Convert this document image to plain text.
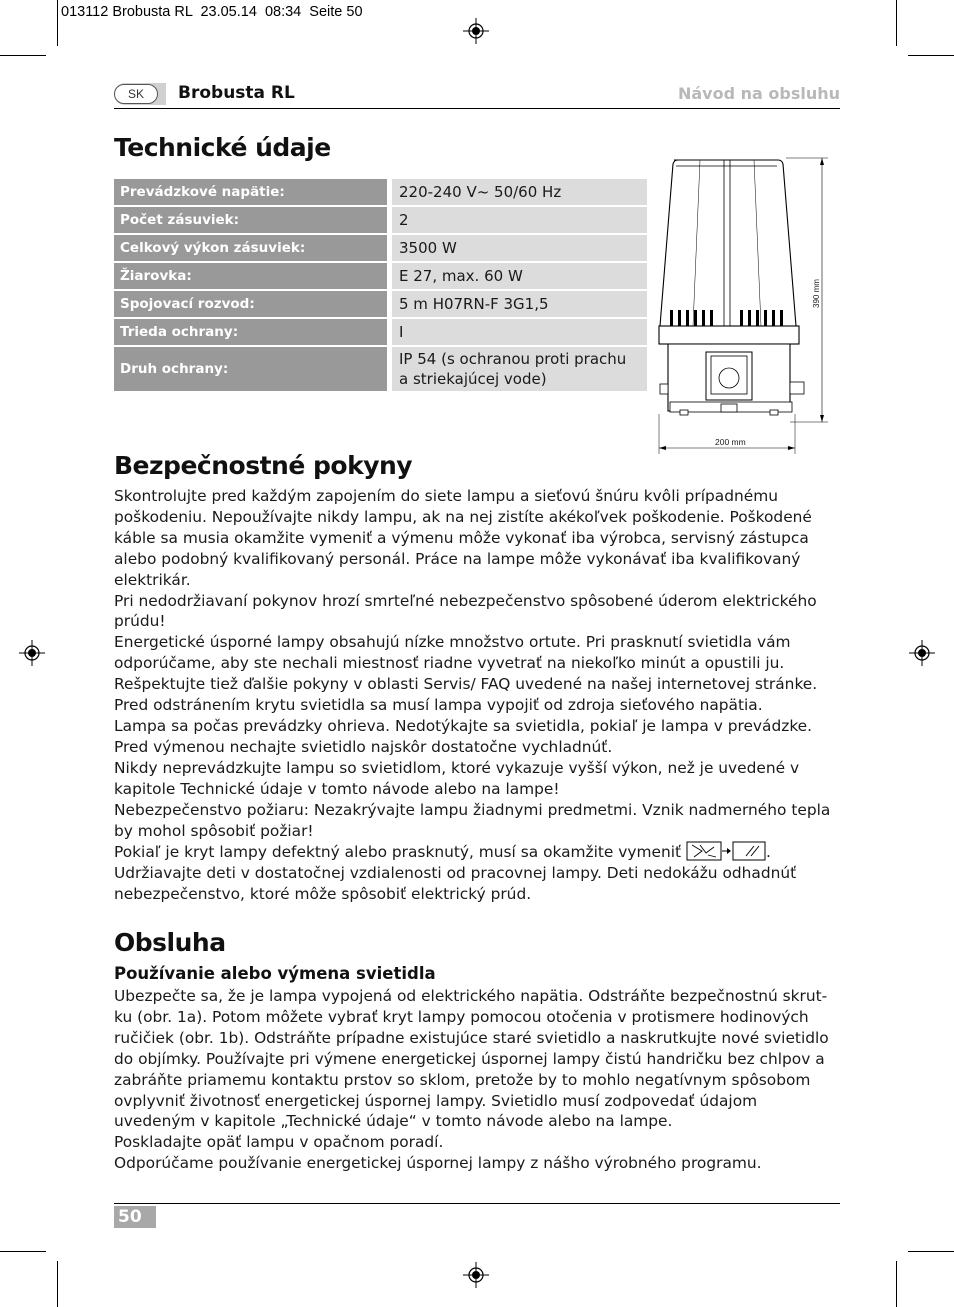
013112 Brobusta RL  23.05.14  08:34  Seite 50
SK	Brobusta RL	Návod na obsluhu
Technické údaje
Prevádzkové napätie:	220-240 V~ 50/60 Hz
Počet zásuviek:	2
Celkový výkon zásuviek:	3500 W
Žiarovka:	E 27, max. 60 W
Spojovací rozvod:	5 m H07RN-F 3G1,5
Trieda ochrany:	I
Druh ochrany:	IP 54 (s ochranou proti prachu a striekajúcej vode)
390 mm
200 mm
Bezpečnostné pokyny

Skontrolujte pred každým zapojením do siete lampu a sieťovú šnúru kvôli prípadnému poškodeniu. Nepoužívajte nikdy lampu, ak na nej zistíte akékoľvek poškodenie. Poškodené káble sa musia okamžite vymeniť a výmenu môže vykonať iba výrobca, servisný zástupca alebo podobný kvalifikovaný personál. Práce na lampe môže vykonávať iba kvalifikovaný elektrikár.

Pri nedodržiavaní pokynov hrozí smrteľné nebezpečenstvo spôsobené úderom elektrického prúdu!

Energetické úsporné lampy obsahujú nízke množstvo ortute. Pri prasknutí svietidla vám odporúčame, aby ste nechali miestnosť riadne vyvetrať na niekoľko minút a opustili ju.

Rešpektujte tiež ďalšie pokyny v oblasti Servis/ FAQ uvedené na našej internetovej stránke.

Pred odstránením krytu svietidla sa musí lampa vypojiť od zdroja sieťového napätia.

Lampa sa počas prevádzky ohrieva. Nedotýkajte sa svietidla, pokiaľ je lampa v prevádzke.

Pred výmenou nechajte svietidlo najskôr dostatočne vychladnúť.

Nikdy neprevádzkujte lampu so svietidlom, ktoré vykazuje vyšší výkon, než je uvedené v kapitole Technické údaje v tomto návode alebo na lampe!

Nebezpečenstvo požiaru: Nezakrývajte lampu žiadnymi predmetmi. Vznik nadmerného tepla by mohol spôsobiť požiar!

Pokiaľ je kryt lampy defektný alebo prasknutý, musí sa okamžite vymeniť	.

Udržiavajte deti v dostatočnej vzdialenosti od pracovnej lampy. Deti nedokážu odhadnúť nebezpečenstvo, ktoré môže spôsobiť elektrický prúd.

Obsluha
Používanie alebo výmena svietidla

Ubezpečte sa, že je lampa vypojená od elektrického napätia. Odstráňte bezpečnostnú skrut-ku (obr. 1a). Potom môžete vybrať kryt lampy pomocou otočenia v protismere hodinových ručičiek (obr. 1b). Odstráňte prípadne existujúce staré svietidlo a naskrutkujte nové svietidlo do objímky. Používajte pri výmene energetickej úspornej lampy čistú handričku bez chlpov a zabráňte priamemu kontaktu prstov so sklom, pretože by to mohlo negatívnym spôsobom ovplyvniť životnosť energetickej úspornej lampy. Svietidlo musí zodpovedať údajom uvedeným v kapitole „Technické údaje“ v tomto návode alebo na lampe.

Poskladajte opäť lampu v opačnom poradí.

Odporúčame používanie energetickej úspornej lampy z nášho výrobného programu.

50
